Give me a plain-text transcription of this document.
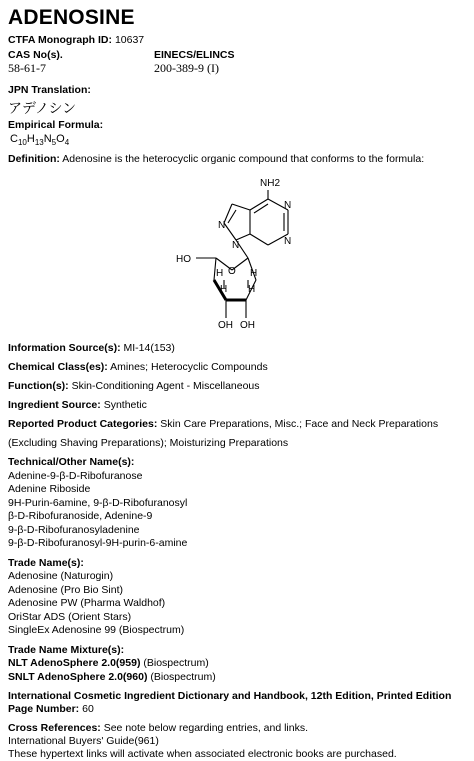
ADENOSINE
CTFA Monograph ID: 10637
CAS No(s).
58-61-7
EINECS/ELINCS
200-389-9 (I)
JPN Translation:
アデノシン
Empirical Formula:
$C_{10}H_{13}N_5O_4$
Definition: Adenosine is the heterocyclic organic compound that conforms to the formula:
NH2
N
N
N
N
HO
O
H	H
H H
OH OH
Information Source(s): MI-14(153)
Chemical Class(es): Amines; Heterocyclic Compounds
Function(s): Skin-Conditioning Agent - Miscellaneous
Ingredient Source: Synthetic
Reported Product Categories: Skin Care Preparations, Misc.; Face and Neck Preparations
(Excluding Shaving Preparations); Moisturizing Preparations
Technical/Other Name(s):
Adenine-9-β-D-Ribofuranose
Adenine Riboside
9H-Purin-6amine, 9-β-D-Ribofuranosyl
β-D-Ribofuranoside, Adenine-9
9-β-D-Ribofuranosyladenine
9-β-D-Ribofuranosyl-9H-purin-6-amine
Trade Name(s):
Adenosine (Naturogin)
Adenosine (Pro Bio Sint)
Adenosine PW (Pharma Waldhof)
OriStar ADS (Orient Stars)
SingleEx Adenosine 99 (Biospectrum)
Trade Name Mixture(s):
NLT AdenoSphere 2.0(959) (Biospectrum)
SNLT AdenoSphere 2.0(960) (Biospectrum)
International Cosmetic Ingredient Dictionary and Handbook, 12th Edition, Printed Edition
Page Number: 60
Cross References: See note below regarding entries, and links.
International Buyers' Guide(961)
These hypertext links will activate when associated electronic books are purchased.
